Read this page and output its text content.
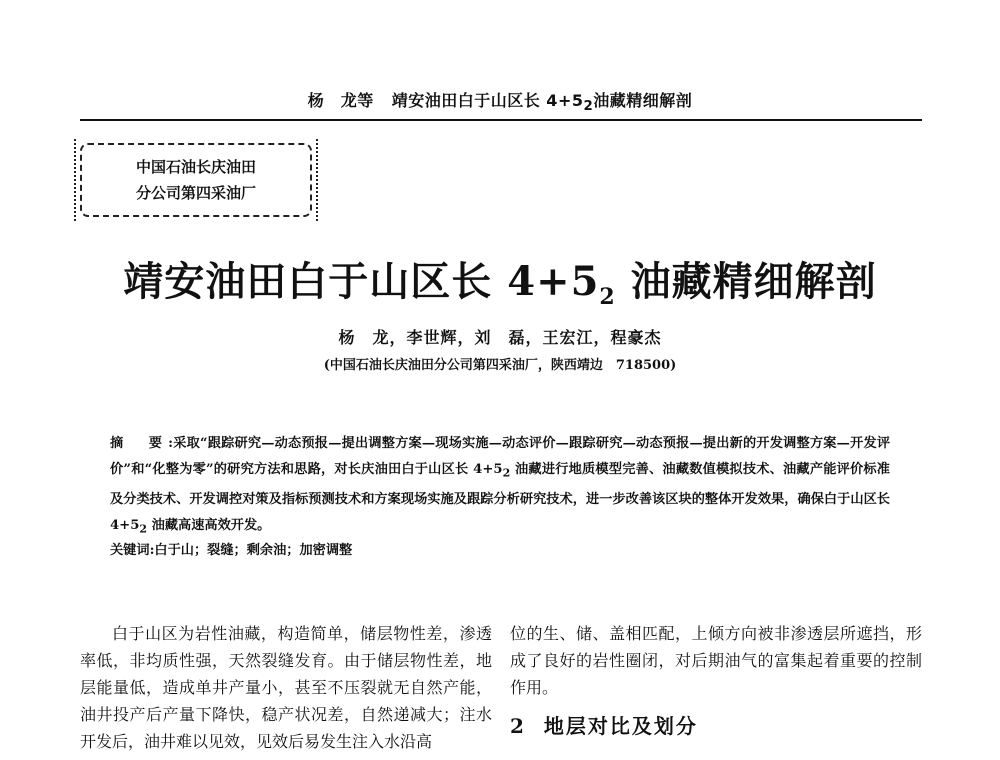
杨　龙等 靖安油田白于山区长 $4+5_2$油藏精细解剖
中国石油长庆油田
分公司第四采油厂
靖安油田白于山区长 $4+5_2$ 油藏精细解剖
杨　龙，李世辉，刘　磊，王宏江，程豪杰
(中国石油长庆油田分公司第四采油厂，陕西靖边　718500)
摘　要:采取“跟踪研究—动态预报—提出调整方案—现场实施—动态评价—跟踪研究—动态预报—提出新的开发调整方案—开发评价”和“化整为零”的研究方法和思路，对长庆油田白于山区长 $4+5_2$ 油藏进行地质模型完善、油藏数值模拟技术、油藏产能评价标准及分类技术、开发调控对策及指标预测技术和方案现场实施及跟踪分析研究技术，进一步改善该区块的整体开发效果，确保白于山区长 $4+5_2$ 油藏高速高效开发。
关键词:白于山；裂缝；剩余油；加密调整

白于山区为岩性油藏，构造简单，储层物性差，渗透率低，非均质性强，天然裂缝发育。由于储层物性差，地层能量低，造成单井产量小，甚至不压裂就无自然产能，油井投产后产量下降快，稳产状况差，自然递减大；注水开发后，油井难以见效，见效后易发生注入水沿高

位的生、储、盖相匹配，上倾方向被非渗透层所遮挡，形成了良好的岩性圈闭，对后期油气的富集起着重要的控制作用。

2 地层对比及划分
